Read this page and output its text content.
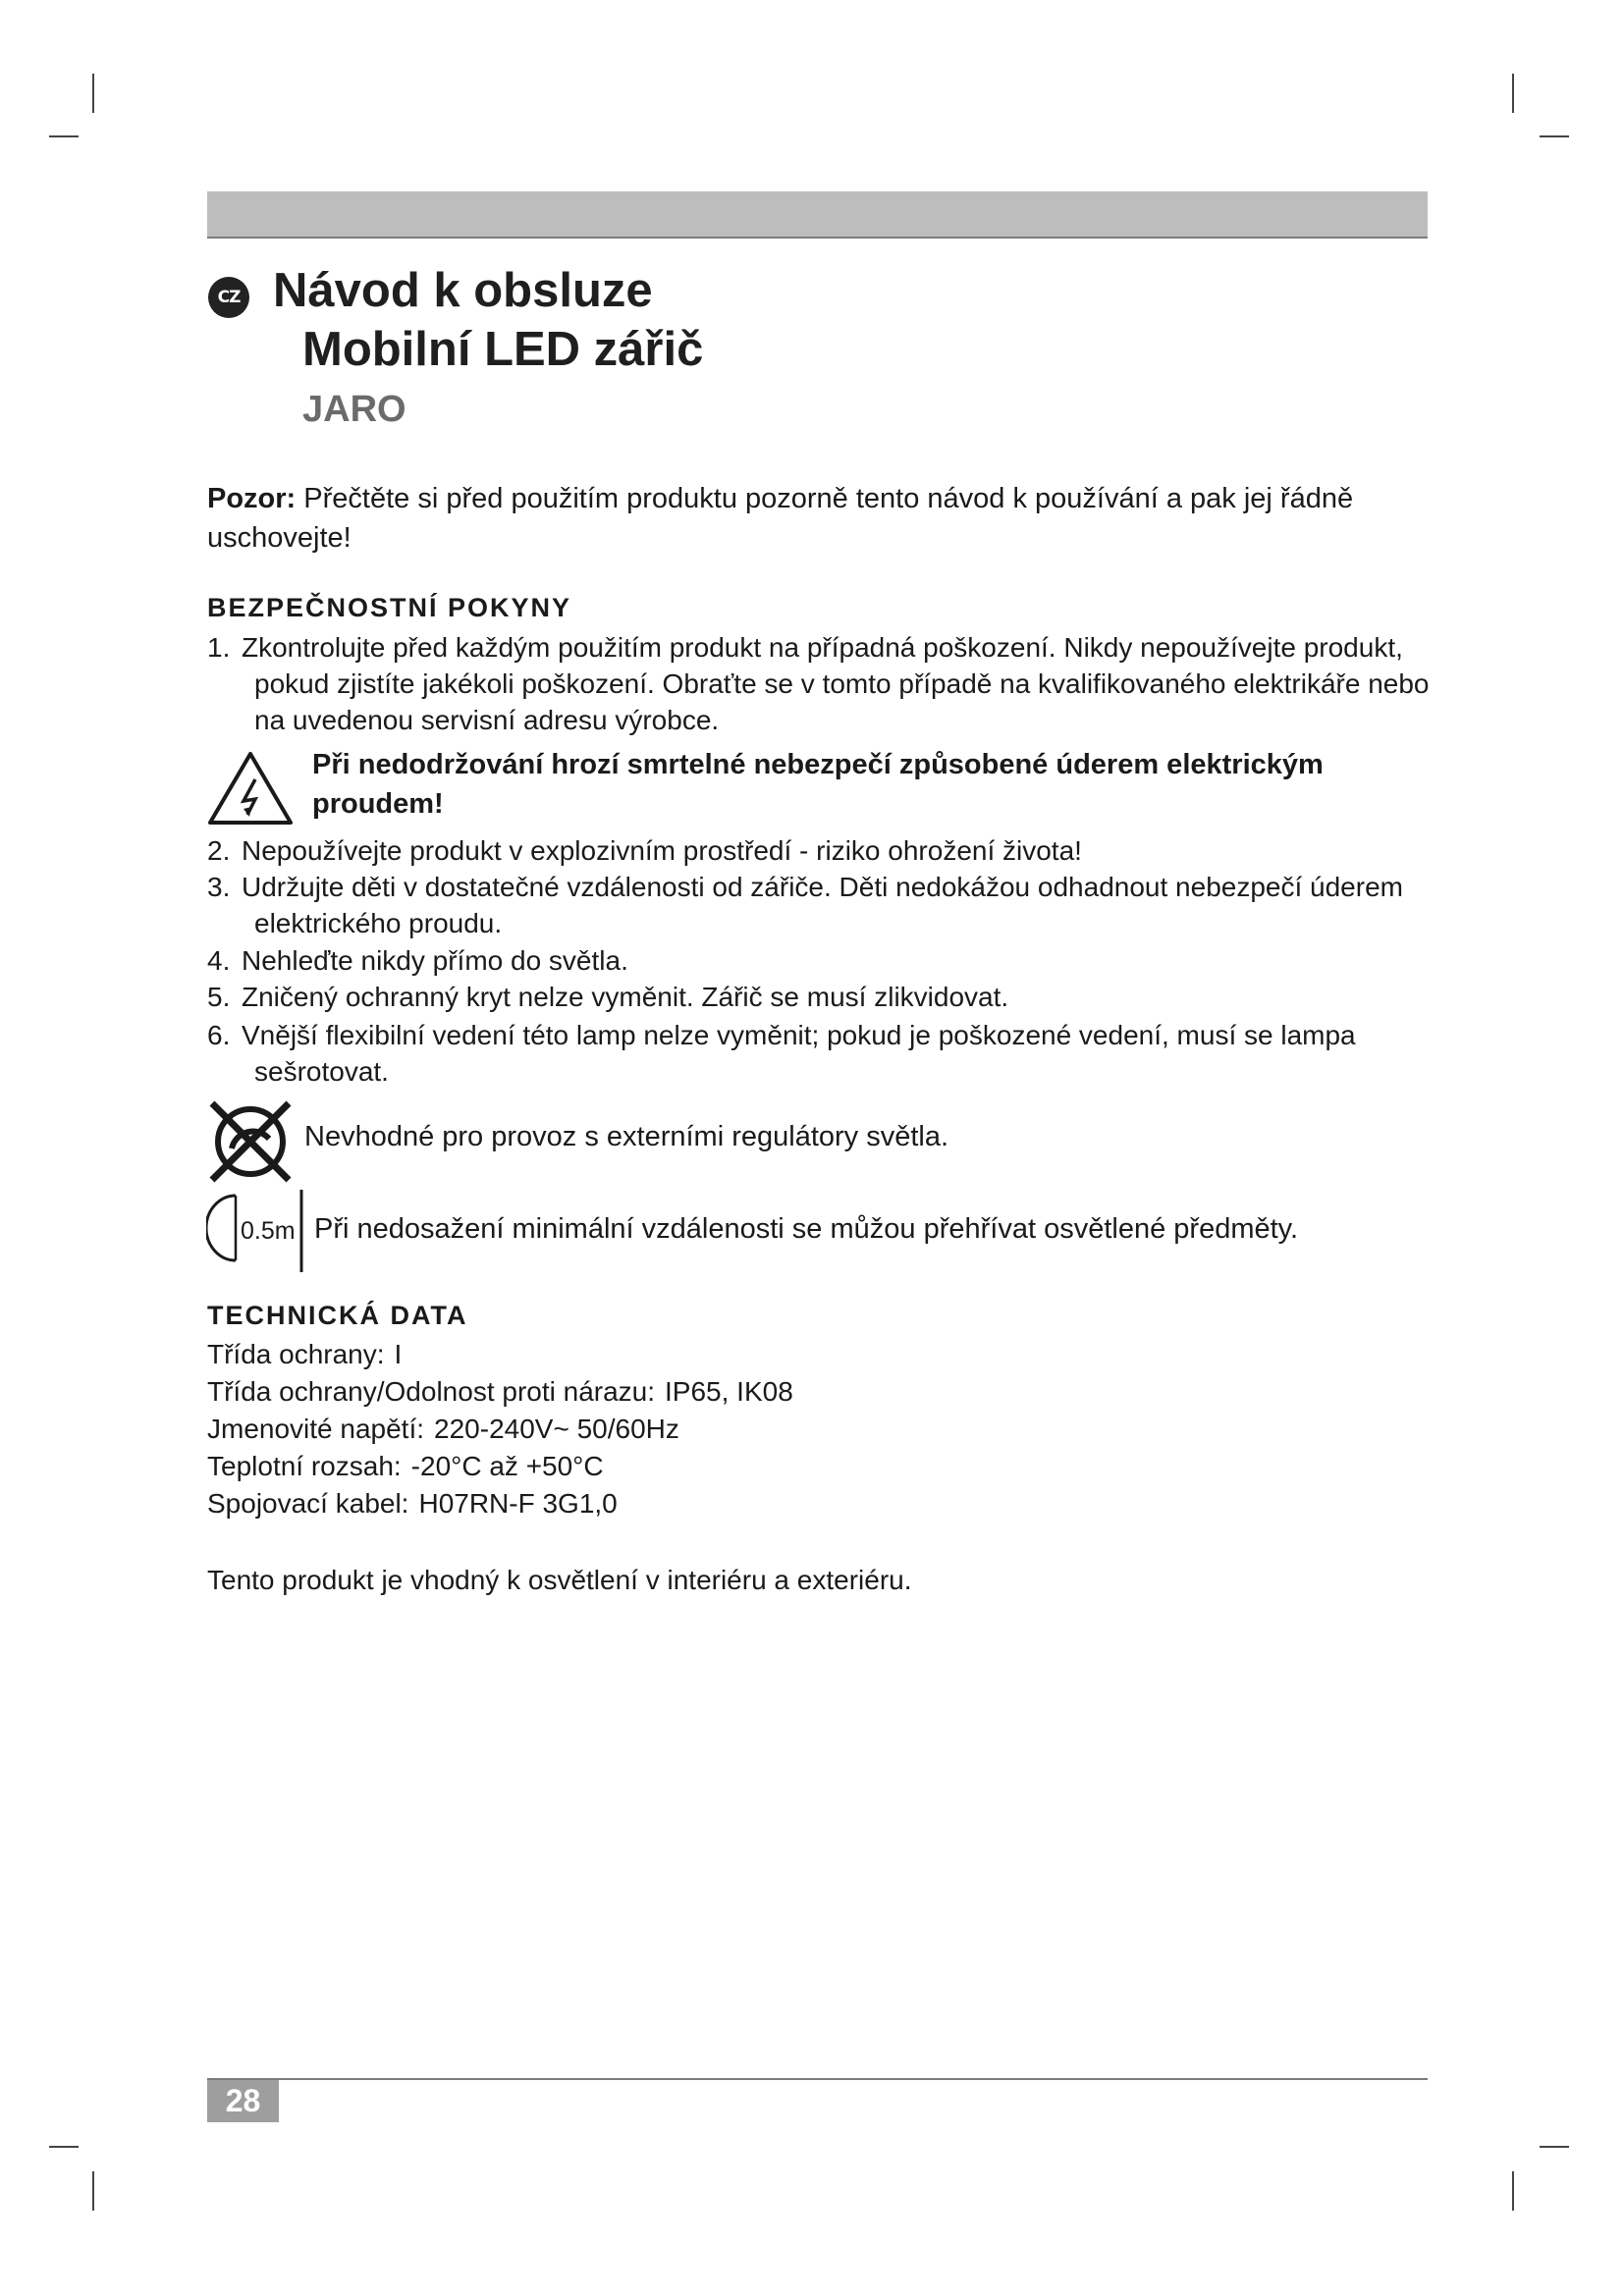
CZ Návod k obsluze
Mobilní LED zářič
JARO
Pozor: Přečtěte si před použitím produktu pozorně tento návod k používání a pak jej řádně uschovejte!
BEZPEČNOSTNÍ POKYNY
1. Zkontrolujte před každým použitím produkt na případná poškození. Nikdy nepoužívejte produkt, pokud zjistíte jakékoli poškození. Obraťte se v tomto případě na kvalifikovaného elektrikáře nebo na uvedenou servisní adresu výrobce.
Při nedodržování hrozí smrtelné nebezpečí způsobené úderem elektrickým proudem!
2. Nepoužívejte produkt v explozivním prostředí - riziko ohrožení života!
3. Udržujte děti v dostatečné vzdálenosti od zářiče. Děti nedokážou odhadnout nebezpečí úderem elektrického proudu.
4. Nehleďte nikdy přímo do světla.
5. Zničený ochranný kryt nelze vyměnit. Zářič se musí zlikvidovat.
6. Vnější flexibilní vedení této lamp nelze vyměnit; pokud je poškozené vedení, musí se lampa sešrotovat.
Nevhodné pro provoz s externími regulátory světla.
0.5m Při nedosažení minimální vzdálenosti se můžou přehřívat osvětlené předměty.
TECHNICKÁ DATA
Třída ochrany: I
Třída ochrany/Odolnost proti nárazu: IP65, IK08
Jmenovité napětí: 220-240V~ 50/60Hz
Teplotní rozsah: -20°C až +50°C
Spojovací kabel: H07RN-F 3G1,0
Tento produkt je vhodný k osvětlení v interiéru a exteriéru.
28
